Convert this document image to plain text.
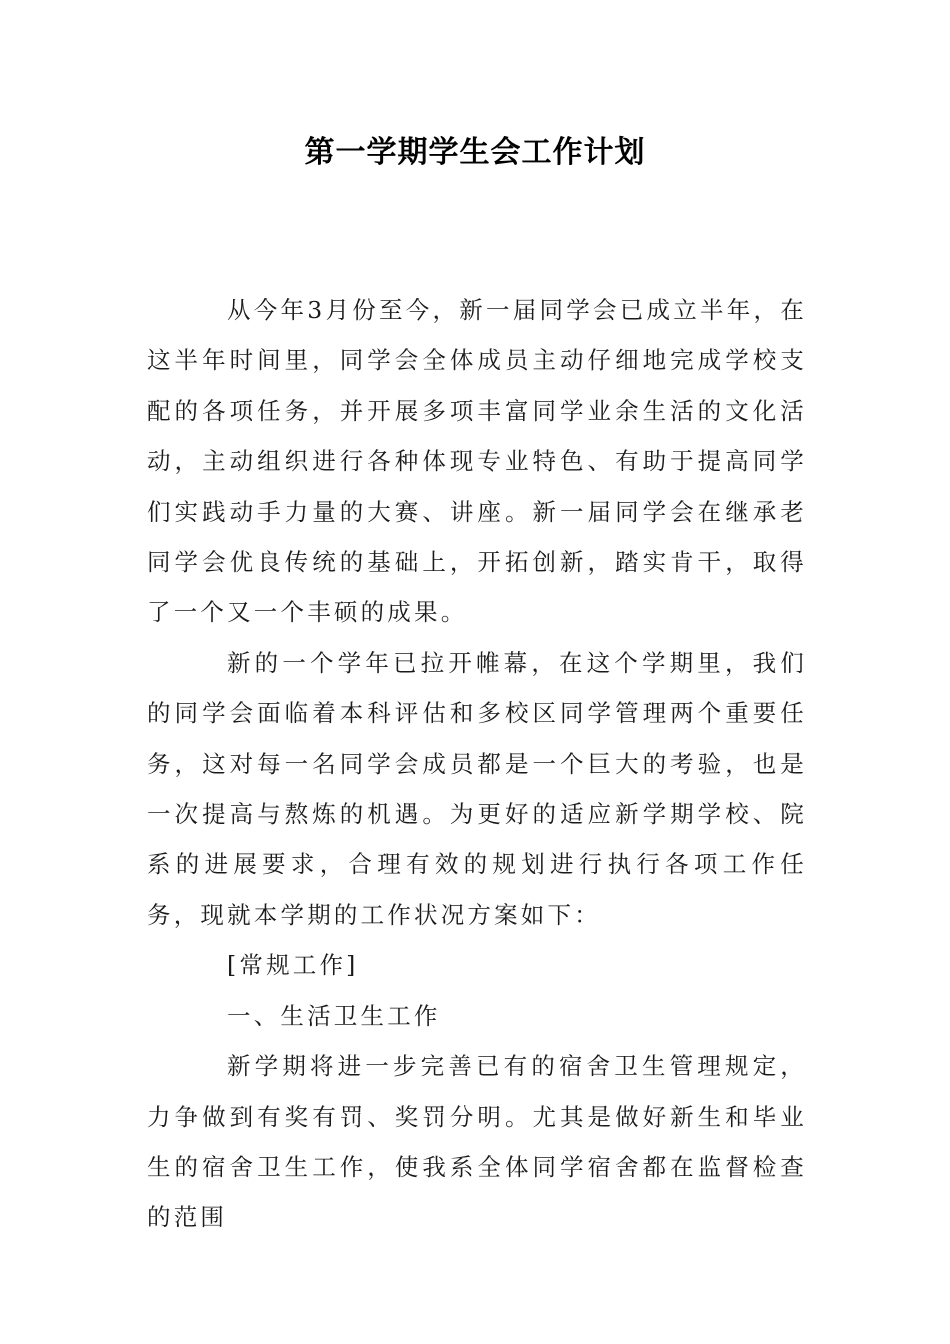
第一学期学生会工作计划

从今年3月份至今，新一届同学会已成立半年，在这半年时间里，同学会全体成员主动仔细地完成学校支配的各项任务，并开展多项丰富同学业余生活的文化活动，主动组织进行各种体现专业特色、有助于提高同学们实践动手力量的大赛、讲座。新一届同学会在继承老同学会优良传统的基础上，开拓创新，踏实肯干，取得了一个又一个丰硕的成果。

新的一个学年已拉开帷幕，在这个学期里，我们的同学会面临着本科评估和多校区同学管理两个重要任务，这对每一名同学会成员都是一个巨大的考验，也是一次提高与熬炼的机遇。为更好的适应新学期学校、院系的进展要求，合理有效的规划进行执行各项工作任务，现就本学期的工作状况方案如下：

[常规工作]

一、生活卫生工作

新学期将进一步完善已有的宿舍卫生管理规定，力争做到有奖有罚、奖罚分明。尤其是做好新生和毕业生的宿舍卫生工作，使我系全体同学宿舍都在监督检查的范围
